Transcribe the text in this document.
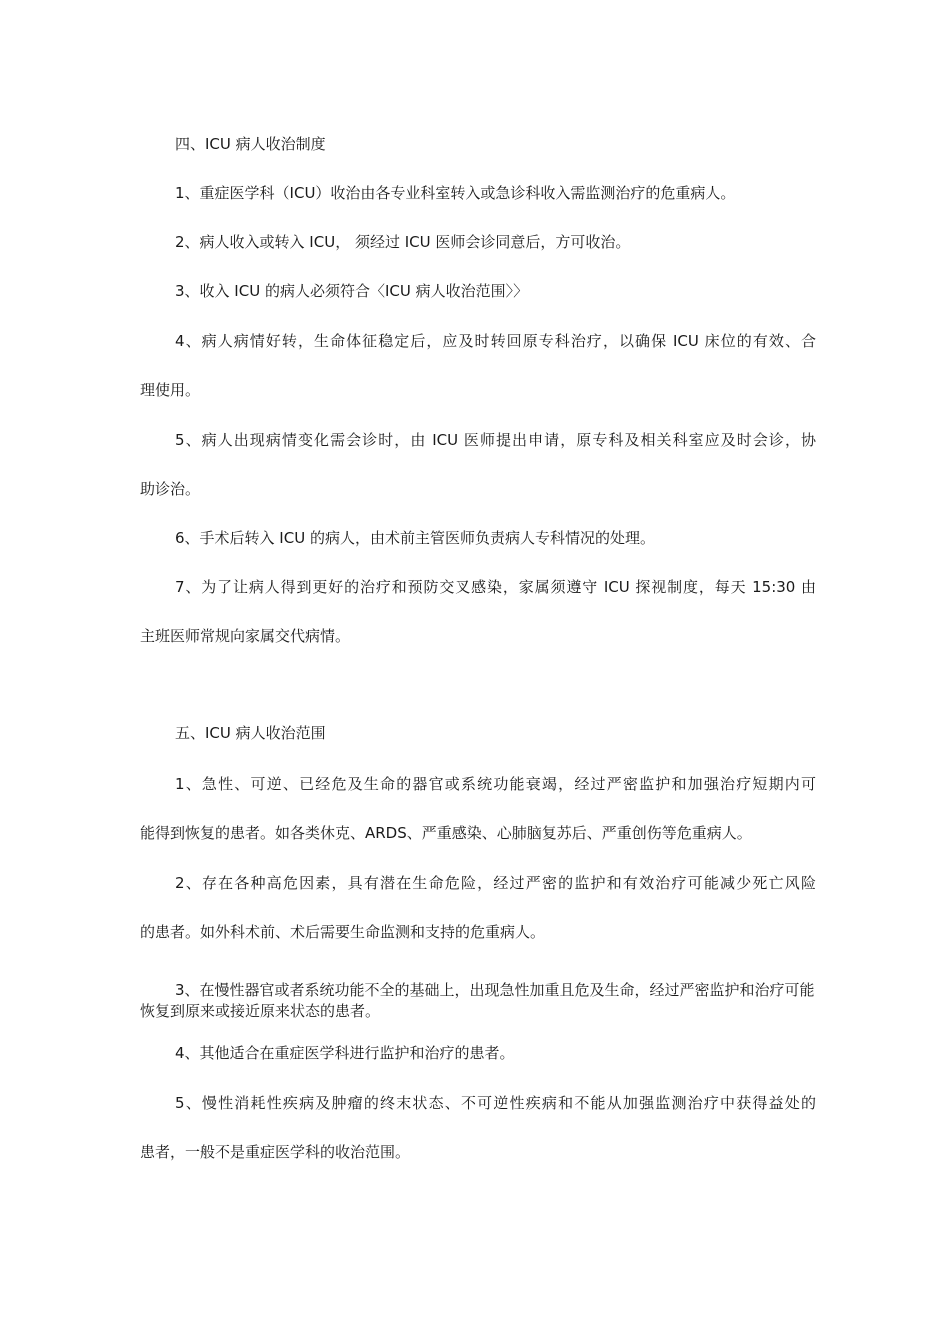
四、ICU 病人收治制度

1、重症医学科（ICU）收治由各专业科室转入或急诊科收入需监测治疗的危重病人。

2、病人收入或转入 ICU， 须经过 ICU 医师会诊同意后，方可收治。

3、收入 ICU 的病人必须符合〈ICU 病人收治范围〉〉

4、病人病情好转，生命体征稳定后，应及时转回原专科治疗，以确保 ICU 床位的有效、合

理使用。

5、病人出现病情变化需会诊时，由 ICU 医师提出申请，原专科及相关科室应及时会诊，协

助诊治。

6、手术后转入 ICU 的病人，由术前主管医师负责病人专科情况的处理。

7、为了让病人得到更好的治疗和预防交叉感染，家属须遵守 ICU 探视制度，每天 15:30 由

主班医师常规向家属交代病情。

五、ICU 病人收治范围

1、急性、可逆、已经危及生命的器官或系统功能衰竭，经过严密监护和加强治疗短期内可

能得到恢复的患者。如各类休克、ARDS、严重感染、心肺脑复苏后、严重创伤等危重病人。

2、存在各种高危因素，具有潜在生命危险，经过严密的监护和有效治疗可能减少死亡风险

的患者。如外科术前、术后需要生命监测和支持的危重病人。

3、在慢性器官或者系统功能不全的基础上，出现急性加重且危及生命，经过严密监护和治疗可能恢复到原来或接近原来状态的患者。

4、其他适合在重症医学科进行监护和治疗的患者。

5、慢性消耗性疾病及肿瘤的终末状态、不可逆性疾病和不能从加强监测治疗中获得益处的

患者，一般不是重症医学科的收治范围。
